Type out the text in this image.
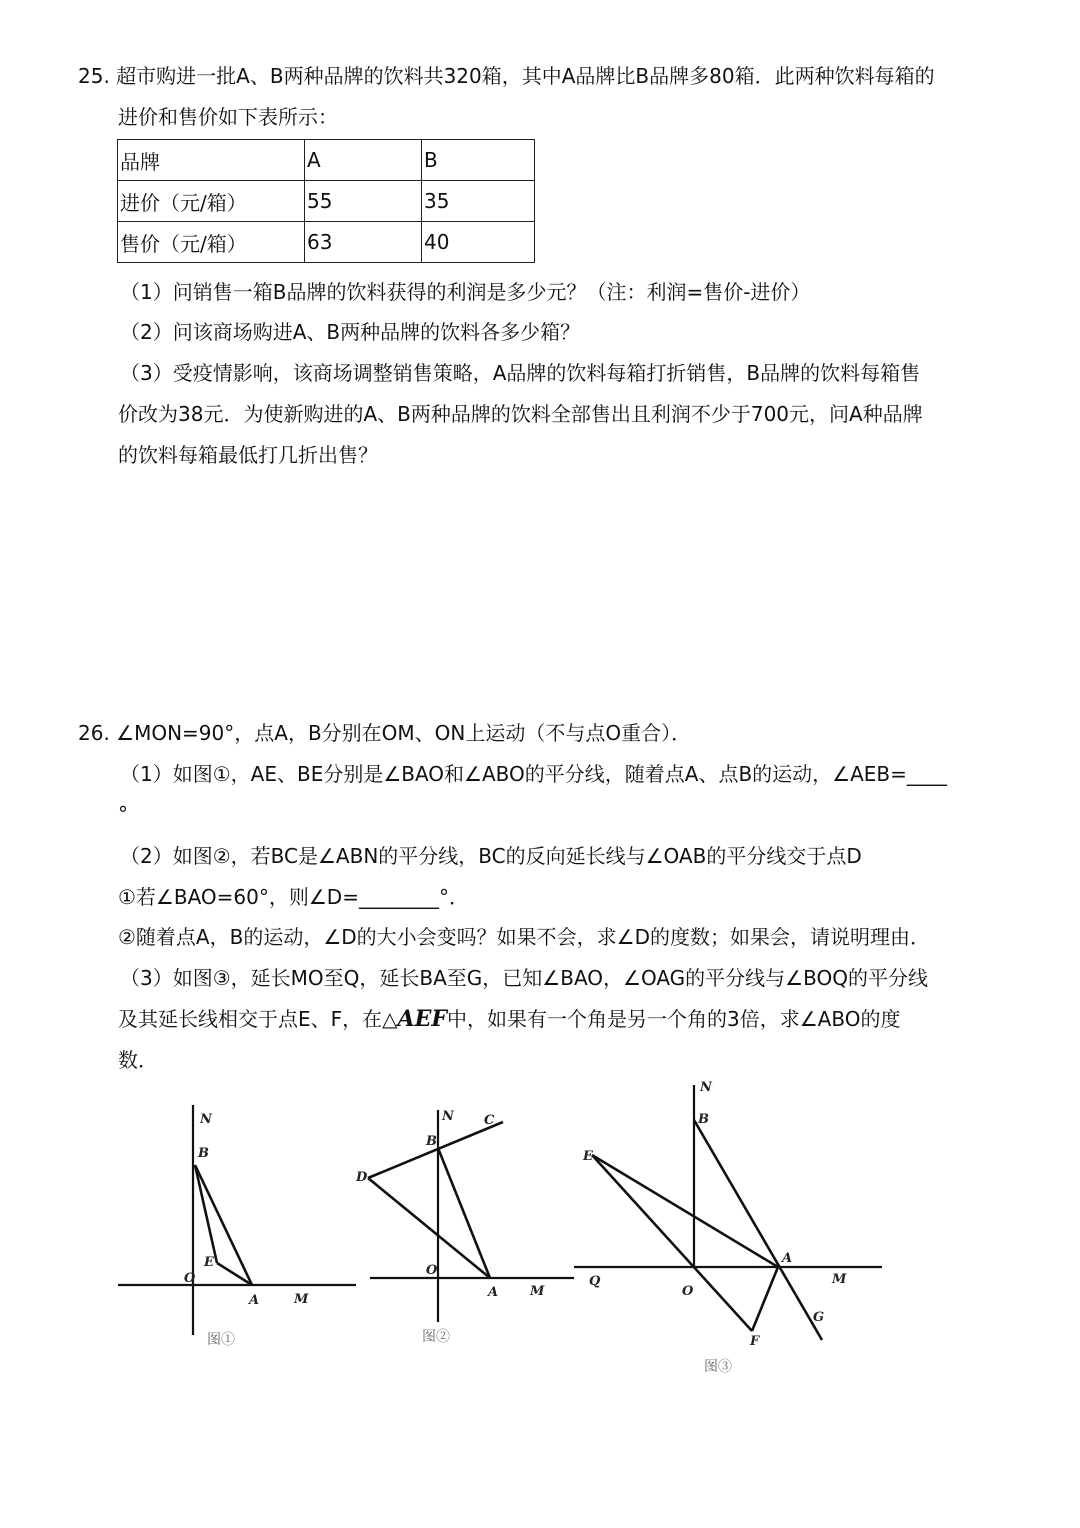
25. 超市购进一批A、B两种品牌的饮料共320箱，其中A品牌比B品牌多80箱．此两种饮料每箱的
进价和售价如下表所示：
品牌	A	B
进价（元/箱）	55	35
售价（元/箱）	63	40
（1）问销售一箱B品牌的饮料获得的利润是多少元？（注：利润=售价-进价）
（2）问该商场购进A、B两种品牌的饮料各多少箱？
（3）受疫情影响，该商场调整销售策略，A品牌的饮料每箱打折销售，B品牌的饮料每箱售
价改为38元．为使新购进的A、B两种品牌的饮料全部售出且利润不少于700元，问A种品牌
的饮料每箱最低打几折出售？
26. ∠MON=90°，点A，B分别在OM、ON上运动（不与点O重合）．
（1）如图①，AE、BE分别是∠BAO和∠ABO的平分线，随着点A、点B的运动，∠AEB=____
°
（2）如图②，若BC是∠ABN的平分线，BC的反向延长线与∠OAB的平分线交于点D
①若∠BAO=60°，则∠D=________°．
②随着点A，B的运动，∠D的大小会变吗？如果不会，求∠D的度数；如果会，请说明理由．
（3）如图③，延长MO至Q，延长BA至G，已知∠BAO，∠OAG的平分线与∠BOQ的平分线
及其延长线相交于点E、F，在△AEF中，如果有一个角是另一个角的3倍，求∠ABO的度
数．
N
B
E
O
A	M
图①
N C
B
D
O
A M
图②
N
B
E
A
Q
O
M
F
G
图③
